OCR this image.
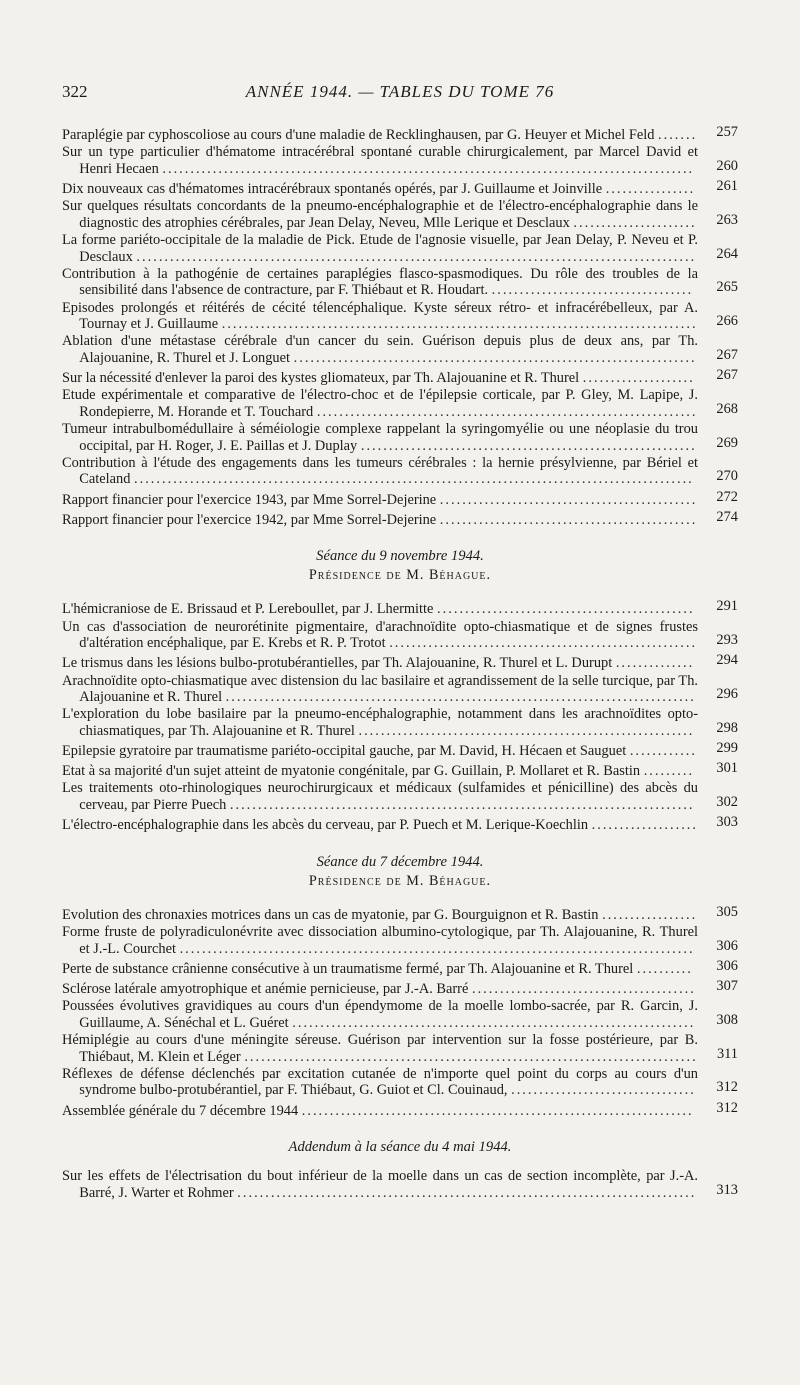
322	ANNÉE 1944. — TABLES DU TOME 76
Paraplégie par cyphoscoliose au cours d'une maladie de Recklinghausen, par G. Heuyer et Michel Feld .......	257
Sur un type particulier d'hématome intracérébral spontané curable chirurgicalement, par Marcel David et Henri Hecaen ...............................................................................................	260
Dix nouveaux cas d'hématomes intracérébraux spontanés opérés, par J. Guillaume et Joinville ................	261
Sur quelques résultats concordants de la pneumo-encéphalographie et de l'électro-encéphalographie dans le diagnostic des atrophies cérébrales, par Jean Delay, Neveu, Mlle Lerique et Desclaux ......................	263
La forme pariéto-occipitale de la maladie de Pick. Etude de l'agnosie visuelle, par Jean Delay, P. Neveu et P. Desclaux ....................................................................................................	264
Contribution à la pathogénie de certaines paraplégies flasco-spasmodiques. Du rôle des troubles de la sensibilité dans l'absence de contracture, par F. Thiébaut et R. Houdart. ....................................	265
Episodes prolongés et réitérés de cécité télencéphalique. Kyste séreux rétro- et infracérébelleux, par A. Tournay et J. Guillaume .....................................................................................	266
Ablation d'une métastase cérébrale d'un cancer du sein. Guérison depuis plus de deux ans, par Th. Alajouanine, R. Thurel et J. Longuet ........................................................................	267
Sur la nécessité d'enlever la paroi des kystes gliomateux, par Th. Alajouanine et R. Thurel ....................	267
Etude expérimentale et comparative de l'électro-choc et de l'épilepsie corticale, par P. Gley, M. Lapipe, J. Rondepierre, M. Horande et T. Touchard ....................................................................	268
Tumeur intrabulbomédullaire à séméiologie complexe rappelant la syringomyélie ou une néoplasie du trou occipital, par H. Roger, J. E. Paillas et J. Duplay ............................................................	269
Contribution à l'étude des engagements dans les tumeurs cérébrales : la hernie présylvienne, par Bériel et Cateland ....................................................................................................	270
Rapport financier pour l'exercice 1943, par Mme Sorrel-Dejerine ..............................................	272
Rapport financier pour l'exercice 1942, par Mme Sorrel-Dejerine ..............................................	274
Séance du 9 novembre 1944.
Présidence de M. Béhague.
L'hémicraniose de E. Brissaud et P. Lereboullet, par J. Lhermitte ..............................................	291
Un cas d'association de neurorétinite pigmentaire, d'arachnoïdite opto-chiasmatique et de signes frustes d'altération encéphalique, par E. Krebs et R. P. Trotot .......................................................	293
Le trismus dans les lésions bulbo-protubérantielles, par Th. Alajouanine, R. Thurel et L. Durupt ..............	294
Arachnoïdite opto-chiasmatique avec distension du lac basilaire et agrandissement de la selle turcique, par Th. Alajouanine et R. Thurel ....................................................................................	296
L'exploration du lobe basilaire par la pneumo-encéphalographie, notamment dans les arachnoïdites opto-chiasmatiques, par Th. Alajouanine et R. Thurel ............................................................	298
Epilepsie gyratoire par traumatisme pariéto-occipital gauche, par M. David, H. Hécaen et Sauguet ............	299
Etat à sa majorité d'un sujet atteint de myatonie congénitale, par G. Guillain, P. Mollaret et R. Bastin .........	301
Les traitements oto-rhinologiques neurochirurgicaux et médicaux (sulfamides et pénicilline) des abcès du cerveau, par Pierre Puech ...................................................................................	302
L'électro-encéphalographie dans les abcès du cerveau, par P. Puech et M. Lerique-Koechlin ...................	303
Séance du 7 décembre 1944.
Présidence de M. Béhague.
Evolution des chronaxies motrices dans un cas de myatonie, par G. Bourguignon et R. Bastin .................	305
Forme fruste de polyradiculonévrite avec dissociation albumino-cytologique, par Th. Alajouanine, R. Thurel et J.-L. Courchet ............................................................................................	306
Perte de substance crânienne consécutive à un traumatisme fermé, par Th. Alajouanine et R. Thurel ..........	306
Sclérose latérale amyotrophique et anémie pernicieuse, par J.-A. Barré ........................................	307
Poussées évolutives gravidiques au cours d'un épendymome de la moelle lombo-sacrée, par R. Garcin, J. Guillaume, A. Sénéchal et L. Guéret ........................................................................	308
Hémiplégie au cours d'une méningite séreuse. Guérison par intervention sur la fosse postérieure, par B. Thiébaut, M. Klein et Léger .................................................................................	311
Réflexes de défense déclenchés par excitation cutanée de n'importe quel point du corps au cours d'un syndrome bulbo-protubérantiel, par F. Thiébaut, G. Guiot et Cl. Couinaud, .................................	312
Assemblée générale du 7 décembre 1944 ......................................................................	312
Addendum à la séance du 4 mai 1944.
Sur les effets de l'électrisation du bout inférieur de la moelle dans un cas de section incomplète, par J.-A. Barré, J. Warter et Rohmer ..................................................................................	313
